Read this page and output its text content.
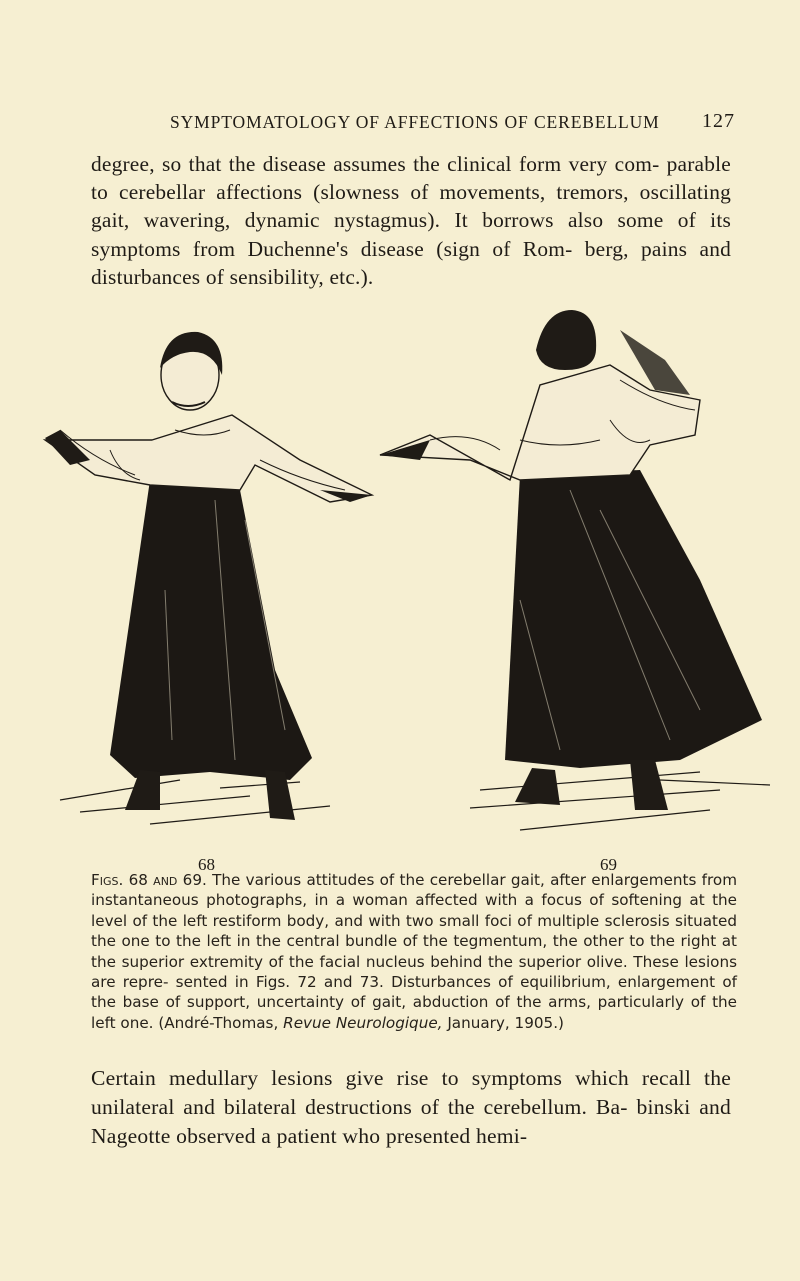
SYMPTOMATOLOGY OF AFFECTIONS OF CEREBELLUM 127

degree, so that the disease assumes the clinical form very com- parable to cerebellar affections (slowness of movements, tremors, oscillating gait, wavering, dynamic nystagmus). It borrows also some of its symptoms from Duchenne's disease (sign of Rom- berg, pains and disturbances of sensibility, etc.).

68	69

Figs. 68 and 69. The various attitudes of the cerebellar gait, after enlargements from instantaneous photographs, in a woman affected with a focus of softening at the level of the left restiform body, and with two small foci of multiple sclerosis situated the one to the left in the central bundle of the tegmentum, the other to the right at the superior extremity of the facial nucleus behind the superior olive. These lesions are repre- sented in Figs. 72 and 73. Disturbances of equilibrium, enlargement of the base of support, uncertainty of gait, abduction of the arms, particularly of the left one. (André-Thomas, Revue Neurologique, January, 1905.)

Certain medullary lesions give rise to symptoms which recall the unilateral and bilateral destructions of the cerebellum. Ba- binski and Nageotte observed a patient who presented hemi-
